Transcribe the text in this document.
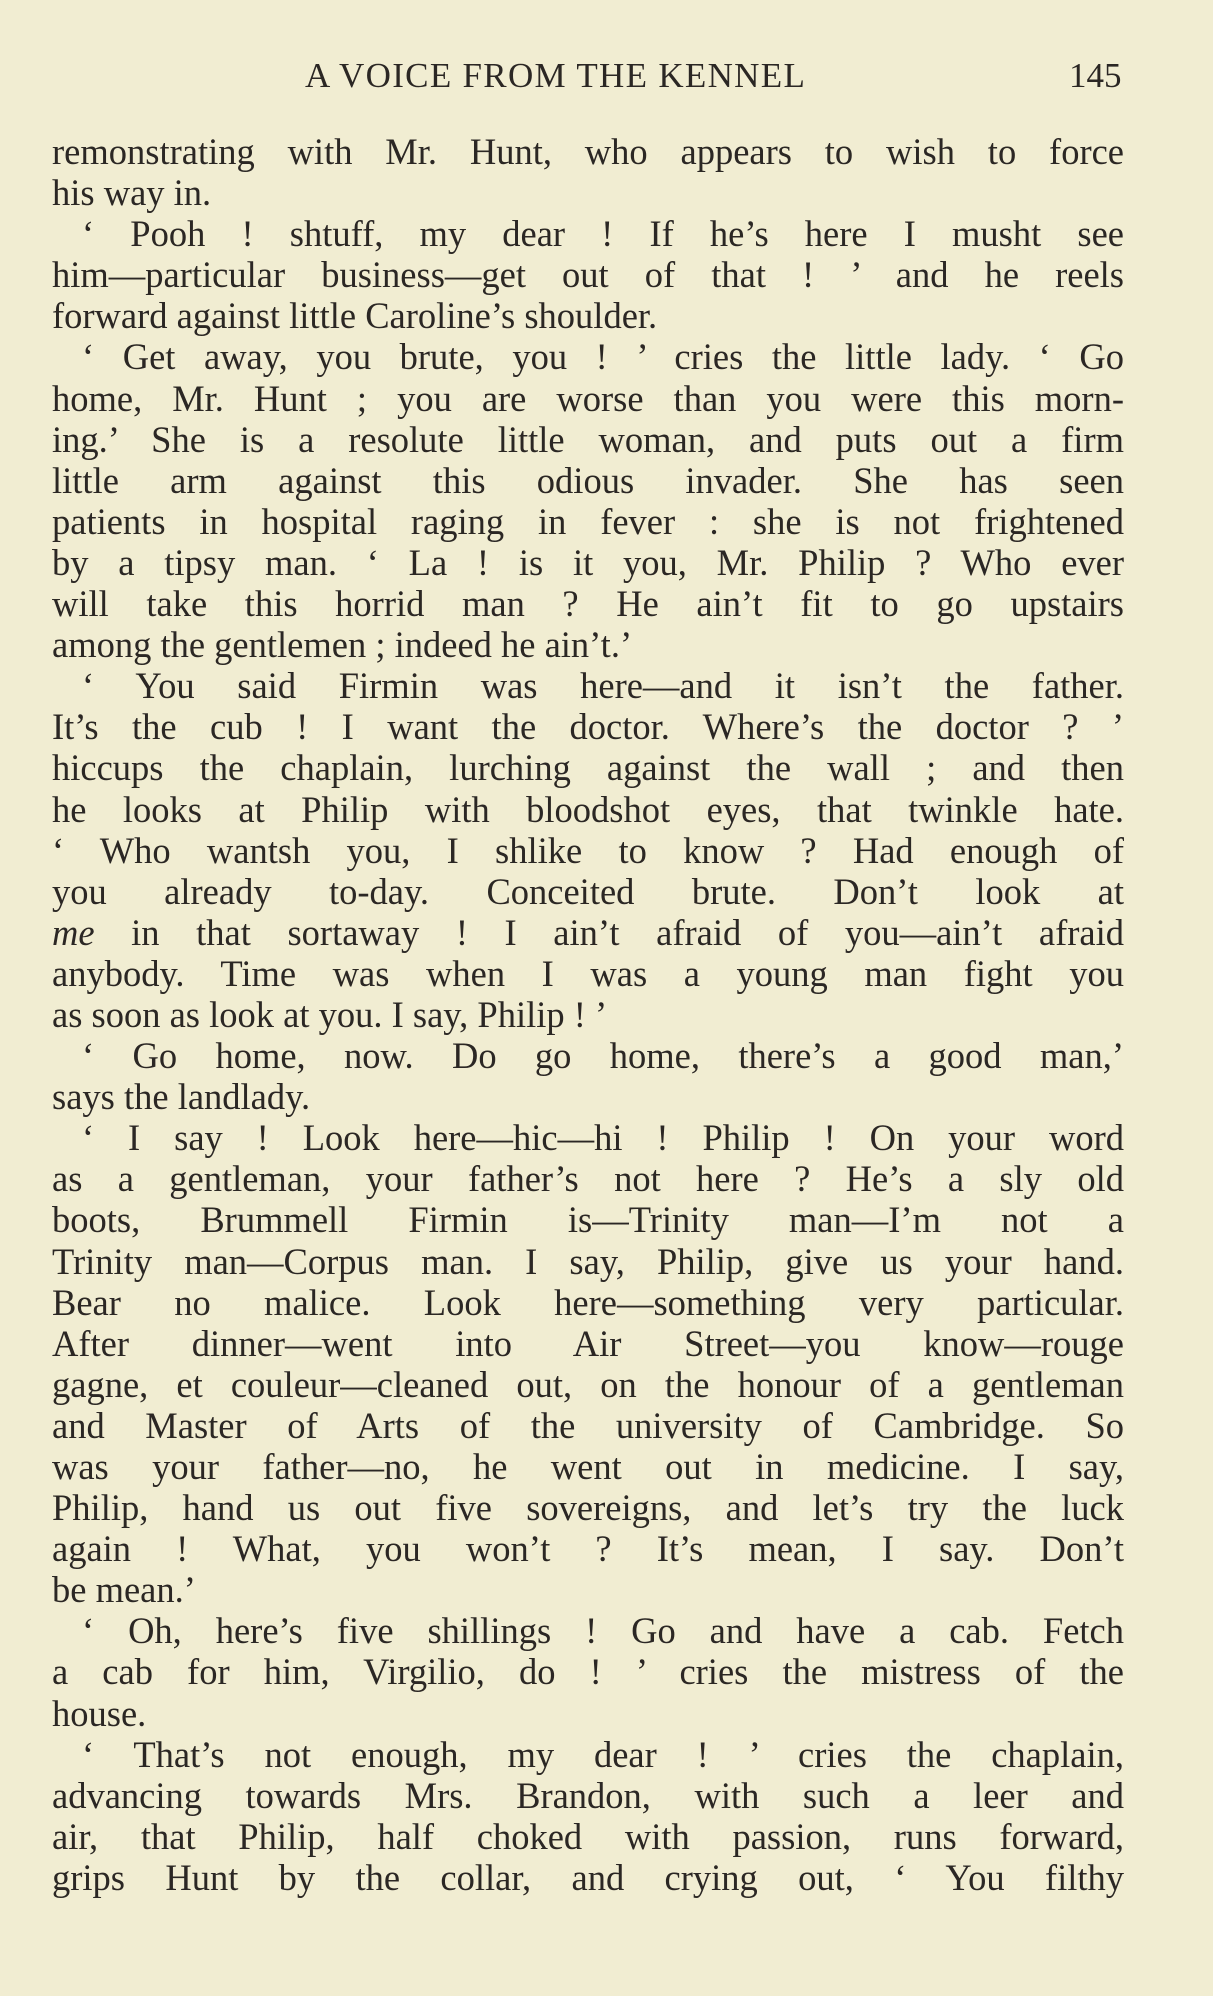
A VOICE FROM THE KENNEL	145
remonstrating with Mr. Hunt, who appears to wish to force
his way in.
‘ Pooh ! shtuff, my dear ! If he’s here I musht see
him—particular business—get out of that ! ’ and he reels
forward against little Caroline’s shoulder.
‘ Get away, you brute, you ! ’ cries the little lady. ‘ Go
home, Mr. Hunt ; you are worse than you were this morn-
ing.’ She is a resolute little woman, and puts out a firm
little arm against this odious invader. She has seen
patients in hospital raging in fever : she is not frightened
by a tipsy man. ‘ La ! is it you, Mr. Philip ? Who ever
will take this horrid man ? He ain’t fit to go upstairs
among the gentlemen ; indeed he ain’t.’
‘ You said Firmin was here—and it isn’t the father.
It’s the cub ! I want the doctor. Where’s the doctor ? ’
hiccups the chaplain, lurching against the wall ; and then
he looks at Philip with bloodshot eyes, that twinkle hate.
‘ Who wantsh you, I shlike to know ? Had enough of
you already to-day. Conceited brute. Don’t look at
me in that sortaway ! I ain’t afraid of you—ain’t afraid
anybody. Time was when I was a young man fight you
as soon as look at you. I say, Philip ! ’
‘ Go home, now. Do go home, there’s a good man,’
says the landlady.
‘ I say ! Look here—hic—hi ! Philip ! On your word
as a gentleman, your father’s not here ? He’s a sly old
boots, Brummell Firmin is—Trinity man—I’m not a
Trinity man—Corpus man. I say, Philip, give us your hand.
Bear no malice. Look here—something very particular.
After dinner—went into Air Street—you know—rouge
gagne, et couleur—cleaned out, on the honour of a gentleman
and Master of Arts of the university of Cambridge. So
was your father—no, he went out in medicine. I say,
Philip, hand us out five sovereigns, and let’s try the luck
again ! What, you won’t ? It’s mean, I say. Don’t
be mean.’
‘ Oh, here’s five shillings ! Go and have a cab. Fetch
a cab for him, Virgilio, do ! ’ cries the mistress of the
house.
‘ That’s not enough, my dear ! ’ cries the chaplain,
advancing towards Mrs. Brandon, with such a leer and
air, that Philip, half choked with passion, runs forward,
grips Hunt by the collar, and crying out, ‘ You filthy
